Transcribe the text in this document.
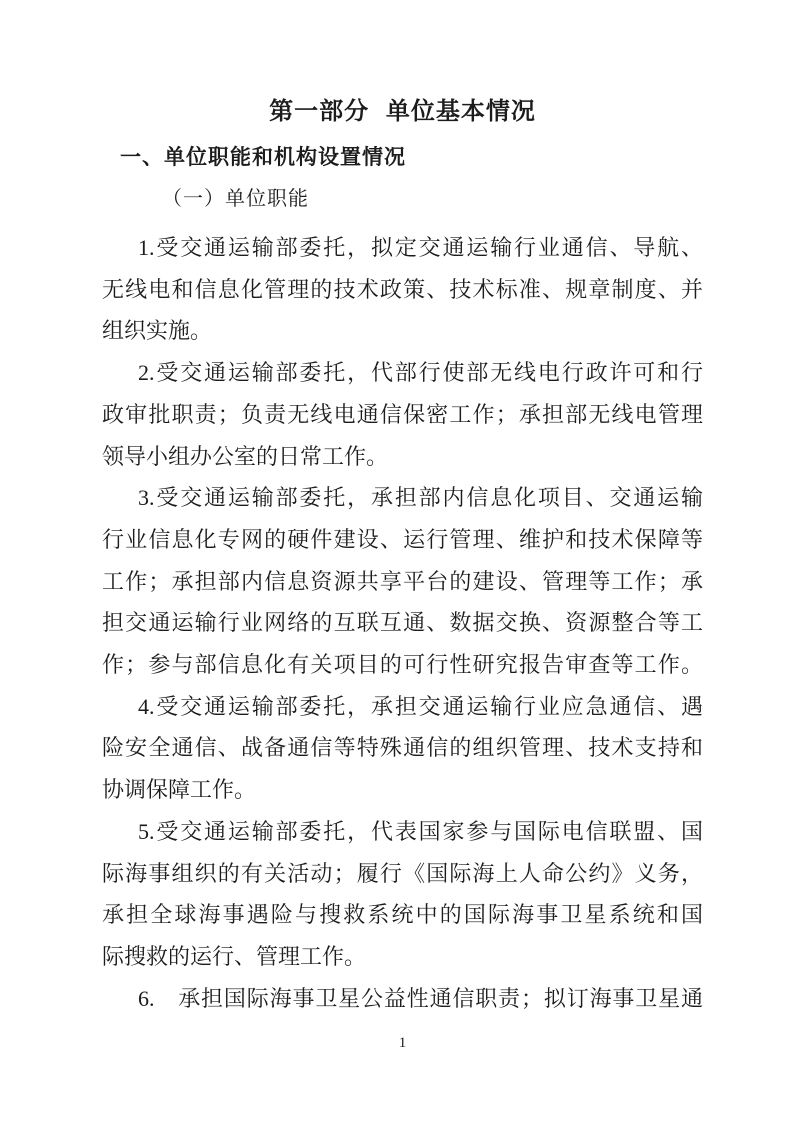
第一部分 单位基本情况
一、单位职能和机构设置情况
（一）单位职能
1.受交通运输部委托，拟定交通运输行业通信、导航、
无线电和信息化管理的技术政策、技术标准、规章制度、并
组织实施。
2.受交通运输部委托，代部行使部无线电行政许可和行
政审批职责；负责无线电通信保密工作；承担部无线电管理
领导小组办公室的日常工作。
3.受交通运输部委托，承担部内信息化项目、交通运输
行业信息化专网的硬件建设、运行管理、维护和技术保障等
工作；承担部内信息资源共享平台的建设、管理等工作；承
担交通运输行业网络的互联互通、数据交换、资源整合等工
作；参与部信息化有关项目的可行性研究报告审查等工作。
4.受交通运输部委托，承担交通运输行业应急通信、遇
险安全通信、战备通信等特殊通信的组织管理、技术支持和
协调保障工作。
5.受交通运输部委托，代表国家参与国际电信联盟、国
际海事组织的有关活动；履行《国际海上人命公约》义务，
承担全球海事遇险与搜救系统中的国际海事卫星系统和国
际搜救的运行、管理工作。
6.　承担国际海事卫星公益性通信职责；拟订海事卫星通
1
